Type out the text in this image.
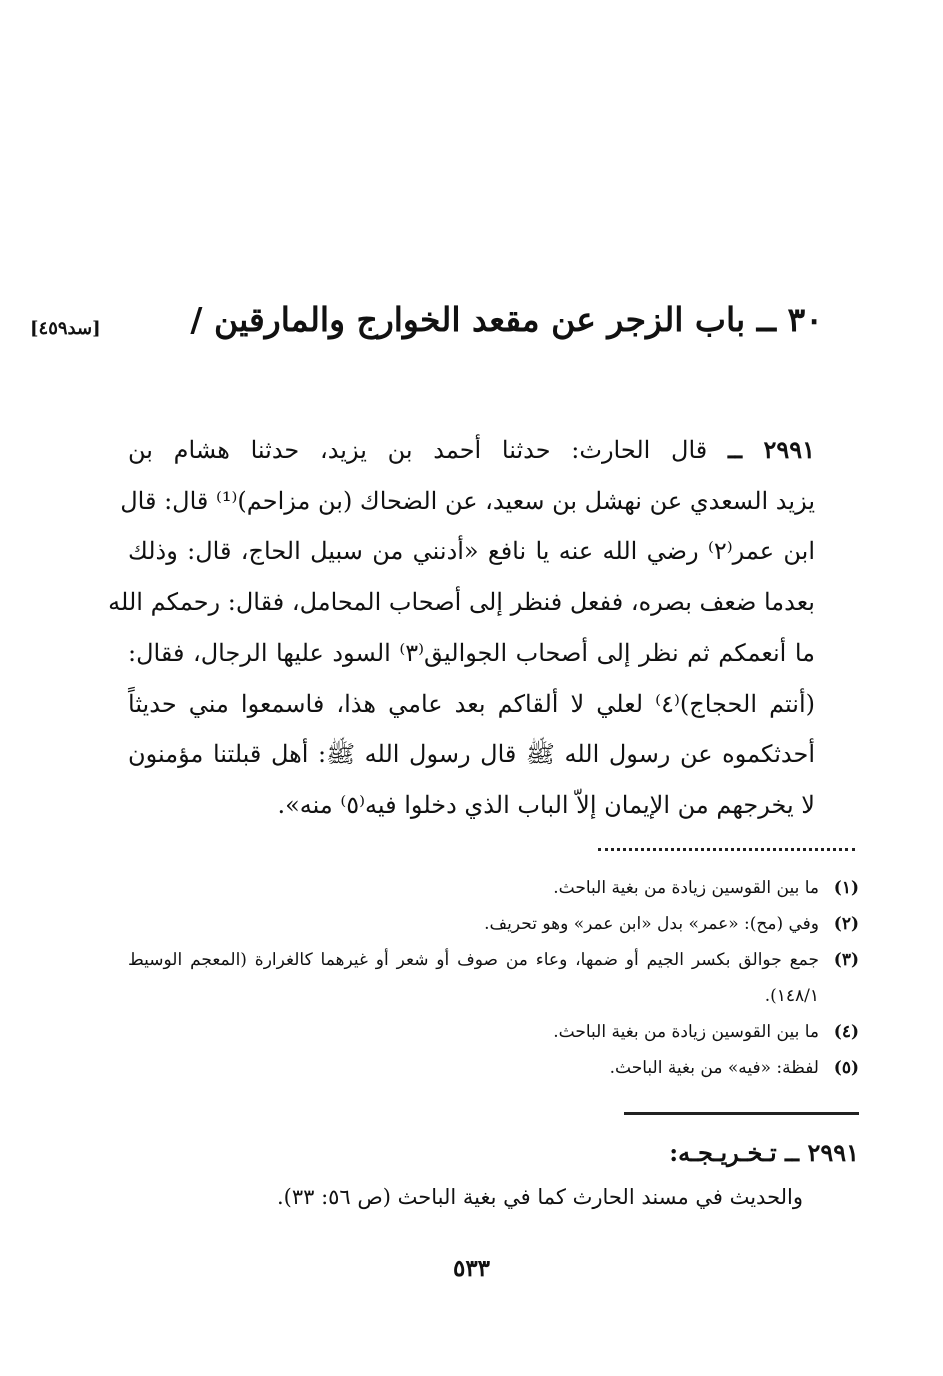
٣٠ ــ باب الزجر عن مقعد الخوارج والمارقين /
[سد٤٥٩]
٢٩٩١ ــ قال الحارث: حدثنا أحمد بن يزيد، حدثنا هشام بن
يزيد السعدي عن نهشل بن سعيد، عن الضحاك (بن مزاحم)⁽¹⁾ قال: قال
ابن عمر⁽٢⁾ رضي الله عنه يا نافع «أدنني من سبيل الحاج، قال: وذلك
بعدما ضعف بصره، ففعل فنظر إلى أصحاب المحامل، فقال: رحمكم الله
ما أنعمكم ثم نظر إلى أصحاب الجواليق⁽٣⁾ السود عليها الرجال، فقال:
(أنتم الحجاج)⁽٤⁾ لعلي لا ألقاكم بعد عامي هذا، فاسمعوا مني حديثاً
أحدثكموه عن رسول الله ﷺ قال رسول الله ﷺ: أهل قبلتنا مؤمنون
لا يخرجهم من الإيمان إلاّ الباب الذي دخلوا فيه⁽٥⁾ منه».
(١)
ما بين القوسين زيادة من بغية الباحث.
(٢)
وفي (مح): «عمر» بدل «ابن عمر» وهو تحريف.
(٣)
جمع جوالق بكسر الجيم أو ضمها، وعاء من صوف أو شعر أو غيرهما كالغرارة (المعجم الوسيط ١٤٨/١).
(٤)
ما بين القوسين زيادة من بغية الباحث.
(٥)
لفظة: «فيه» من بغية الباحث.
٢٩٩١ ــ تـخـريـجـه:
والحديث في مسند الحارث كما في بغية الباحث (ص ٥٦: ٣٣).
٥٣٣
